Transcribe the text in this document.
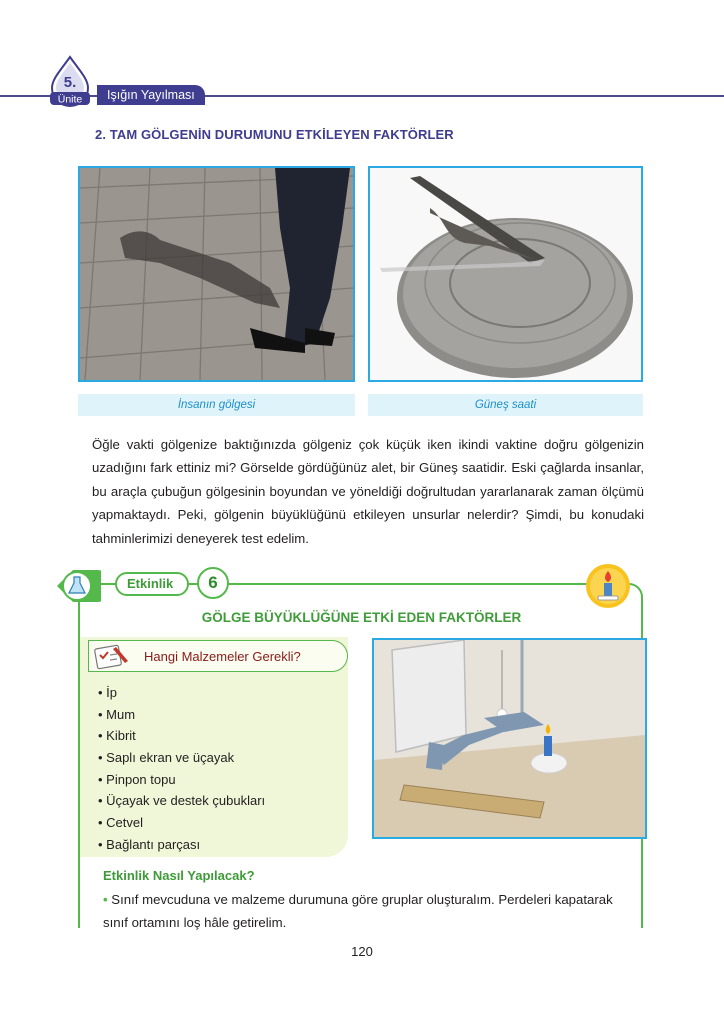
5.
Ünite	Işığın Yayılması
2. TAM GÖLGENİN DURUMUNU ETKİLEYEN FAKTÖRLER
İnsanın gölgesi	Güneş saati
Öğle vakti gölgenize baktığınızda gölgeniz çok küçük iken ikindi vaktine doğru gölgenizin uzadığını fark ettiniz mi? Görselde gördüğünüz alet, bir Güneş saatidir. Eski çağlarda insanlar, bu araçla çubuğun gölgesinin boyundan ve yöneldiği doğrultudan yararlanarak zaman ölçümü yapmaktaydı. Peki, gölgenin büyüklüğünü etkileyen unsurlar nelerdir? Şimdi, bu konudaki tahminlerimizi deneyerek test edelim.
Etkinlik	6
GÖLGE BÜYÜKLÜĞÜNE ETKİ EDEN FAKTÖRLER
Hangi Malzemeler Gerekli?
• İp
• Mum
• Kibrit
• Saplı ekran ve üçayak
• Pinpon topu
• Üçayak ve destek çubukları
• Cetvel
• Bağlantı parçası
Etkinlik Nasıl Yapılacak?
• Sınıf mevcuduna ve malzeme durumuna göre gruplar oluşturalım. Perdeleri kapatarak sınıf ortamını loş hâle getirelim.
120
